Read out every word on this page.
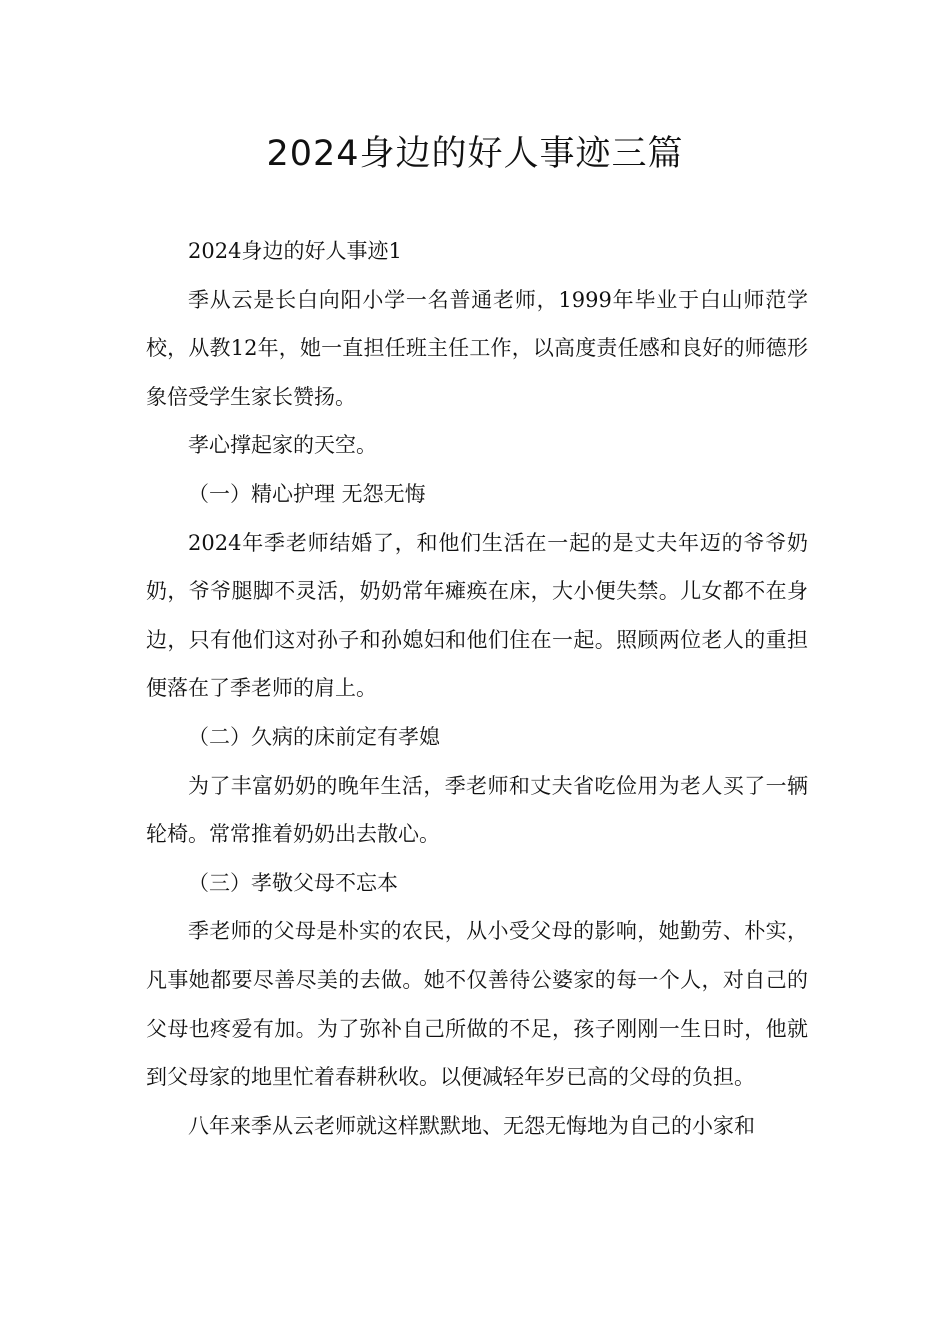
2024身边的好人事迹三篇

2024身边的好人事迹1

季从云是长白向阳小学一名普通老师，1999年毕业于白山师范学校，从教12年，她一直担任班主任工作，以高度责任感和良好的师德形象倍受学生家长赞扬。

孝心撑起家的天空。

（一）精心护理 无怨无悔

2024年季老师结婚了，和他们生活在一起的是丈夫年迈的爷爷奶奶，爷爷腿脚不灵活，奶奶常年瘫痪在床，大小便失禁。儿女都不在身边，只有他们这对孙子和孙媳妇和他们住在一起。照顾两位老人的重担便落在了季老师的肩上。

（二）久病的床前定有孝媳

为了丰富奶奶的晚年生活，季老师和丈夫省吃俭用为老人买了一辆轮椅。常常推着奶奶出去散心。

（三）孝敬父母不忘本

季老师的父母是朴实的农民，从小受父母的影响，她勤劳、朴实，凡事她都要尽善尽美的去做。她不仅善待公婆家的每一个人，对自己的父母也疼爱有加。为了弥补自己所做的不足，孩子刚刚一生日时，他就到父母家的地里忙着春耕秋收。以便减轻年岁已高的父母的负担。

八年来季从云老师就这样默默地、无怨无悔地为自己的小家和
